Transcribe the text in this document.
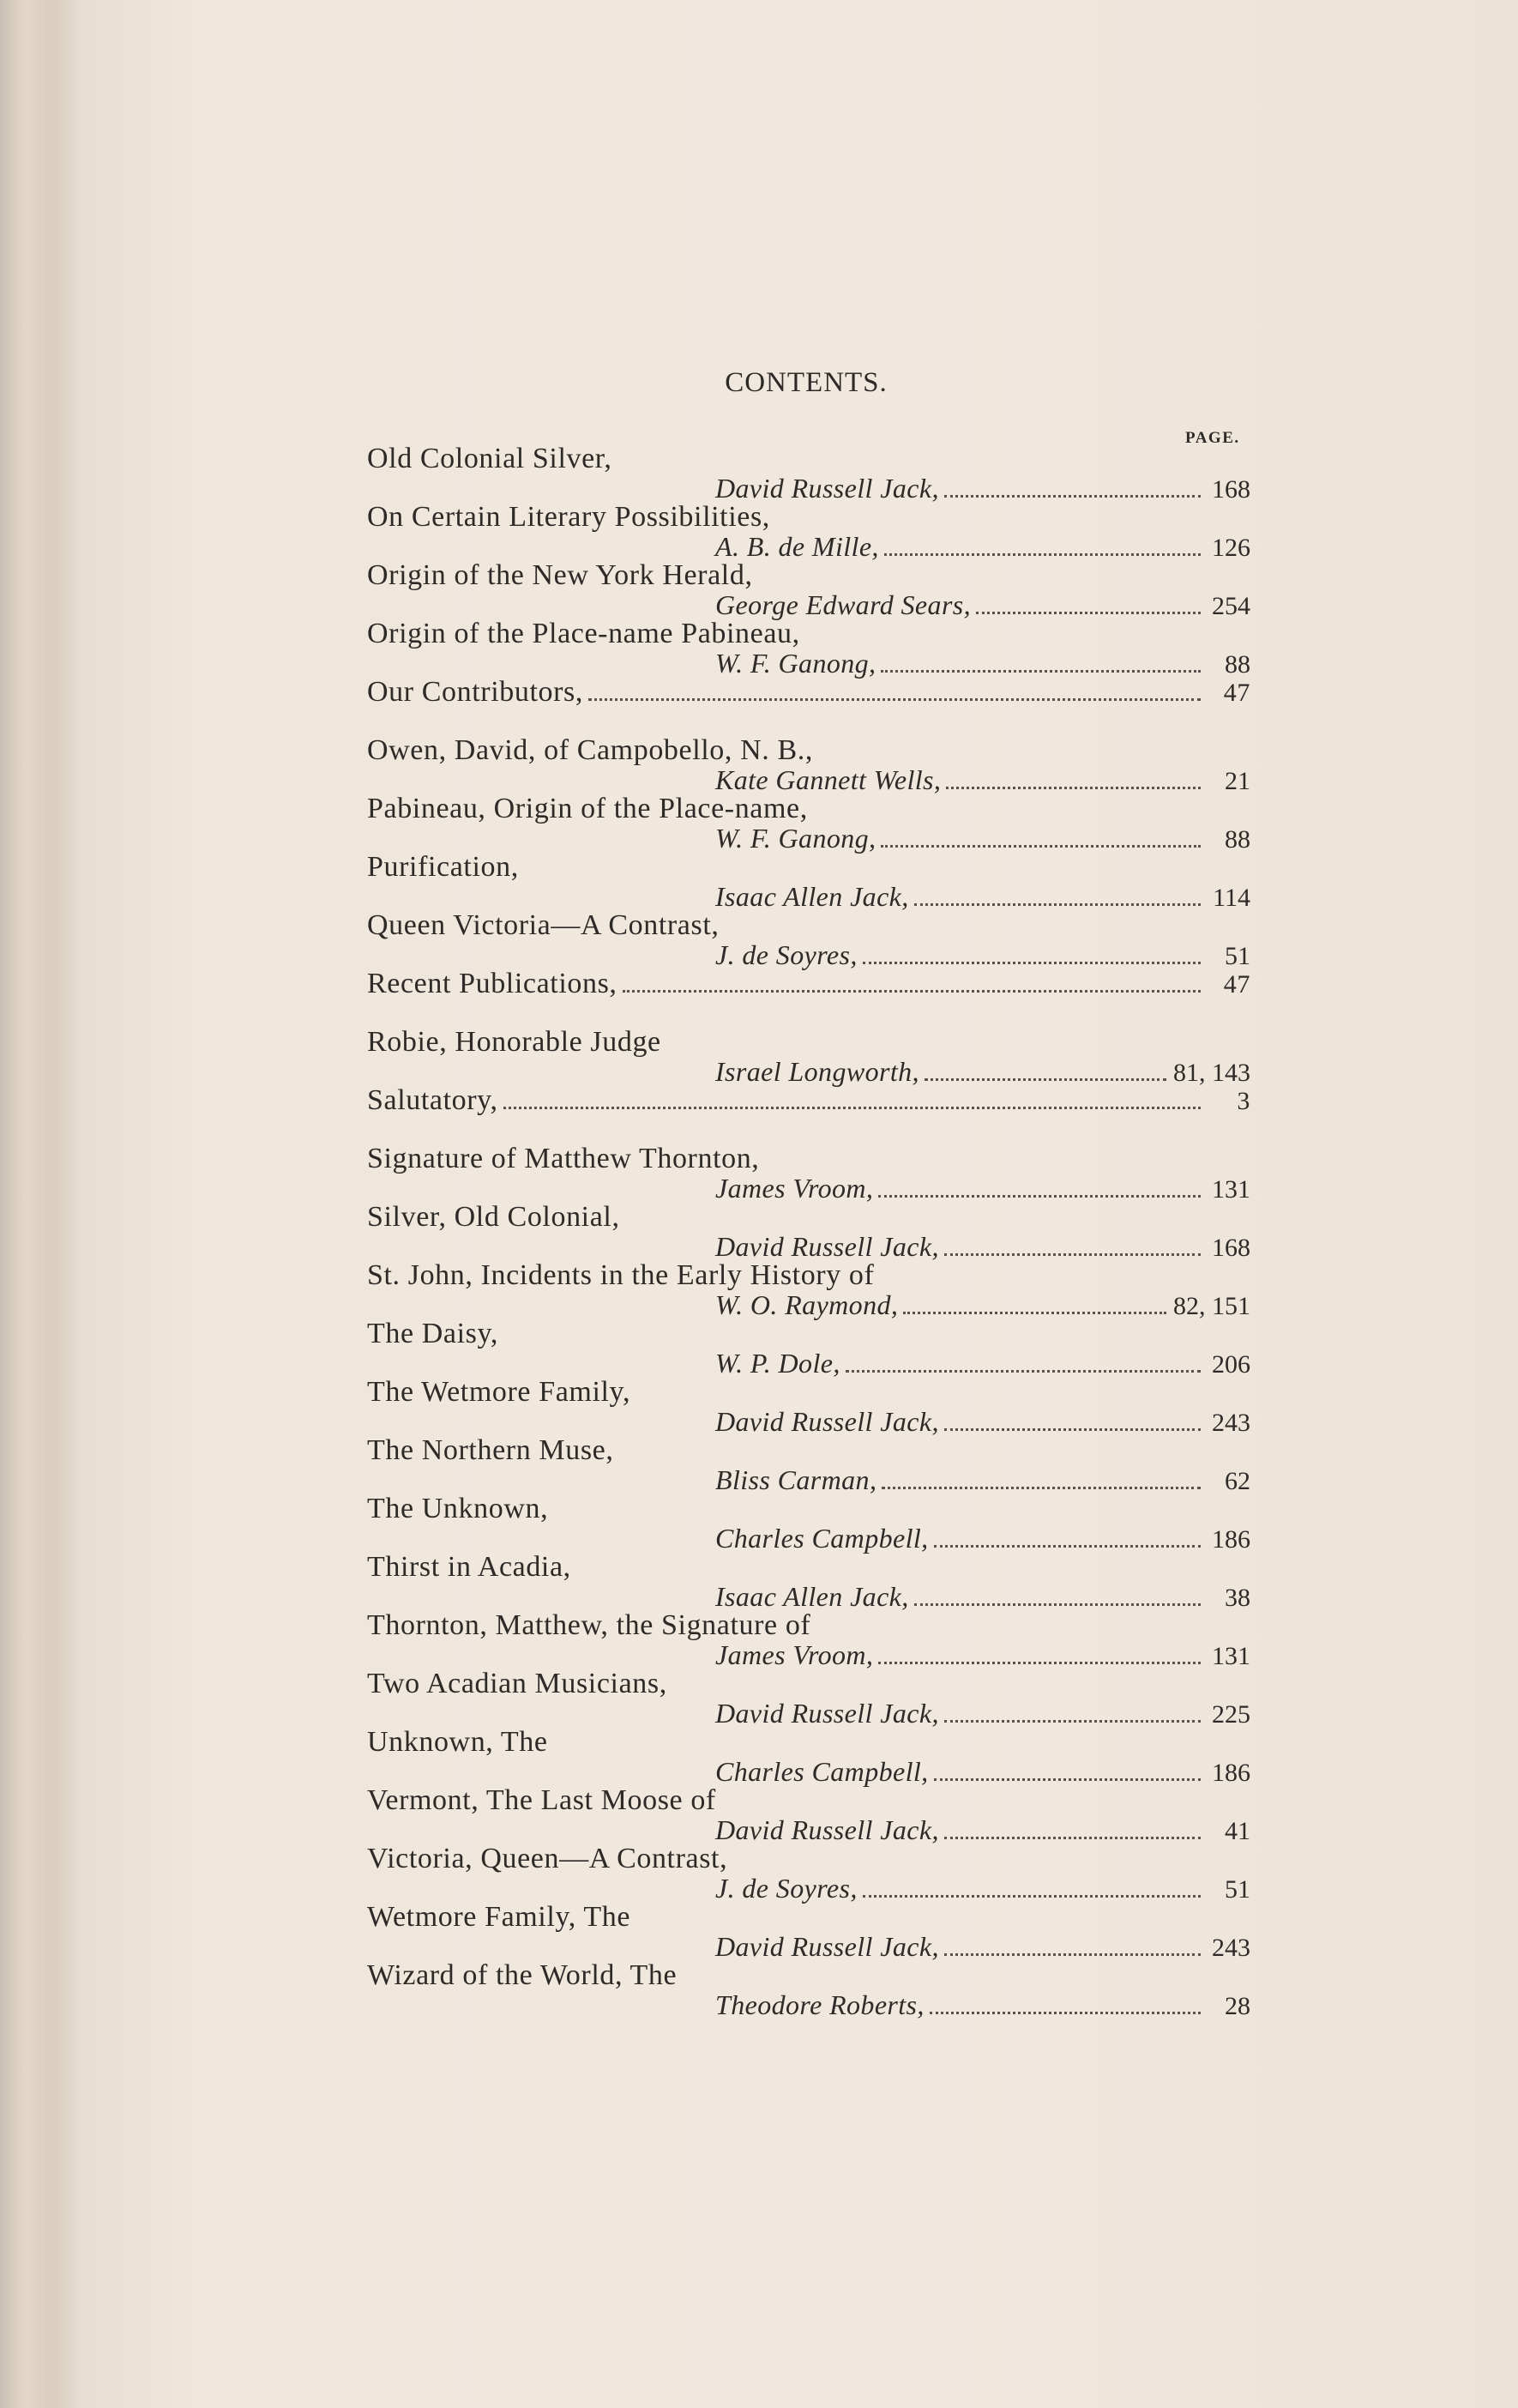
CONTENTS.
PAGE.
Old Colonial Silver,
David Russell Jack,	168
On Certain Literary Possibilities,
A. B. de Mille,	126
Origin of the New York Herald,
George Edward Sears,	254
Origin of the Place-name Pabineau,
W. F. Ganong,	88
Our Contributors,	47
Owen, David, of Campobello, N. B.,
Kate Gannett Wells,	21
Pabineau, Origin of the Place-name,
W. F. Ganong,	88
Purification,
Isaac Allen Jack,	114
Queen Victoria—A Contrast,
J. de Soyres,	51
Recent Publications,	47
Robie, Honorable Judge
Israel Longworth,	81, 143
Salutatory,	3
Signature of Matthew Thornton,
James Vroom,	131
Silver, Old Colonial,
David Russell Jack,	168
St. John, Incidents in the Early History of
W. O. Raymond,	82, 151
The Daisy,
W. P. Dole,	206
The Wetmore Family,
David Russell Jack,	243
The Northern Muse,
Bliss Carman,	62
The Unknown,
Charles Campbell,	186
Thirst in Acadia,
Isaac Allen Jack,	38
Thornton, Matthew, the Signature of
James Vroom,	131
Two Acadian Musicians,
David Russell Jack,	225
Unknown, The
Charles Campbell,	186
Vermont, The Last Moose of
David Russell Jack,	41
Victoria, Queen—A Contrast,
J. de Soyres,	51
Wetmore Family, The
David Russell Jack,	243
Wizard of the World, The
Theodore Roberts,	28
